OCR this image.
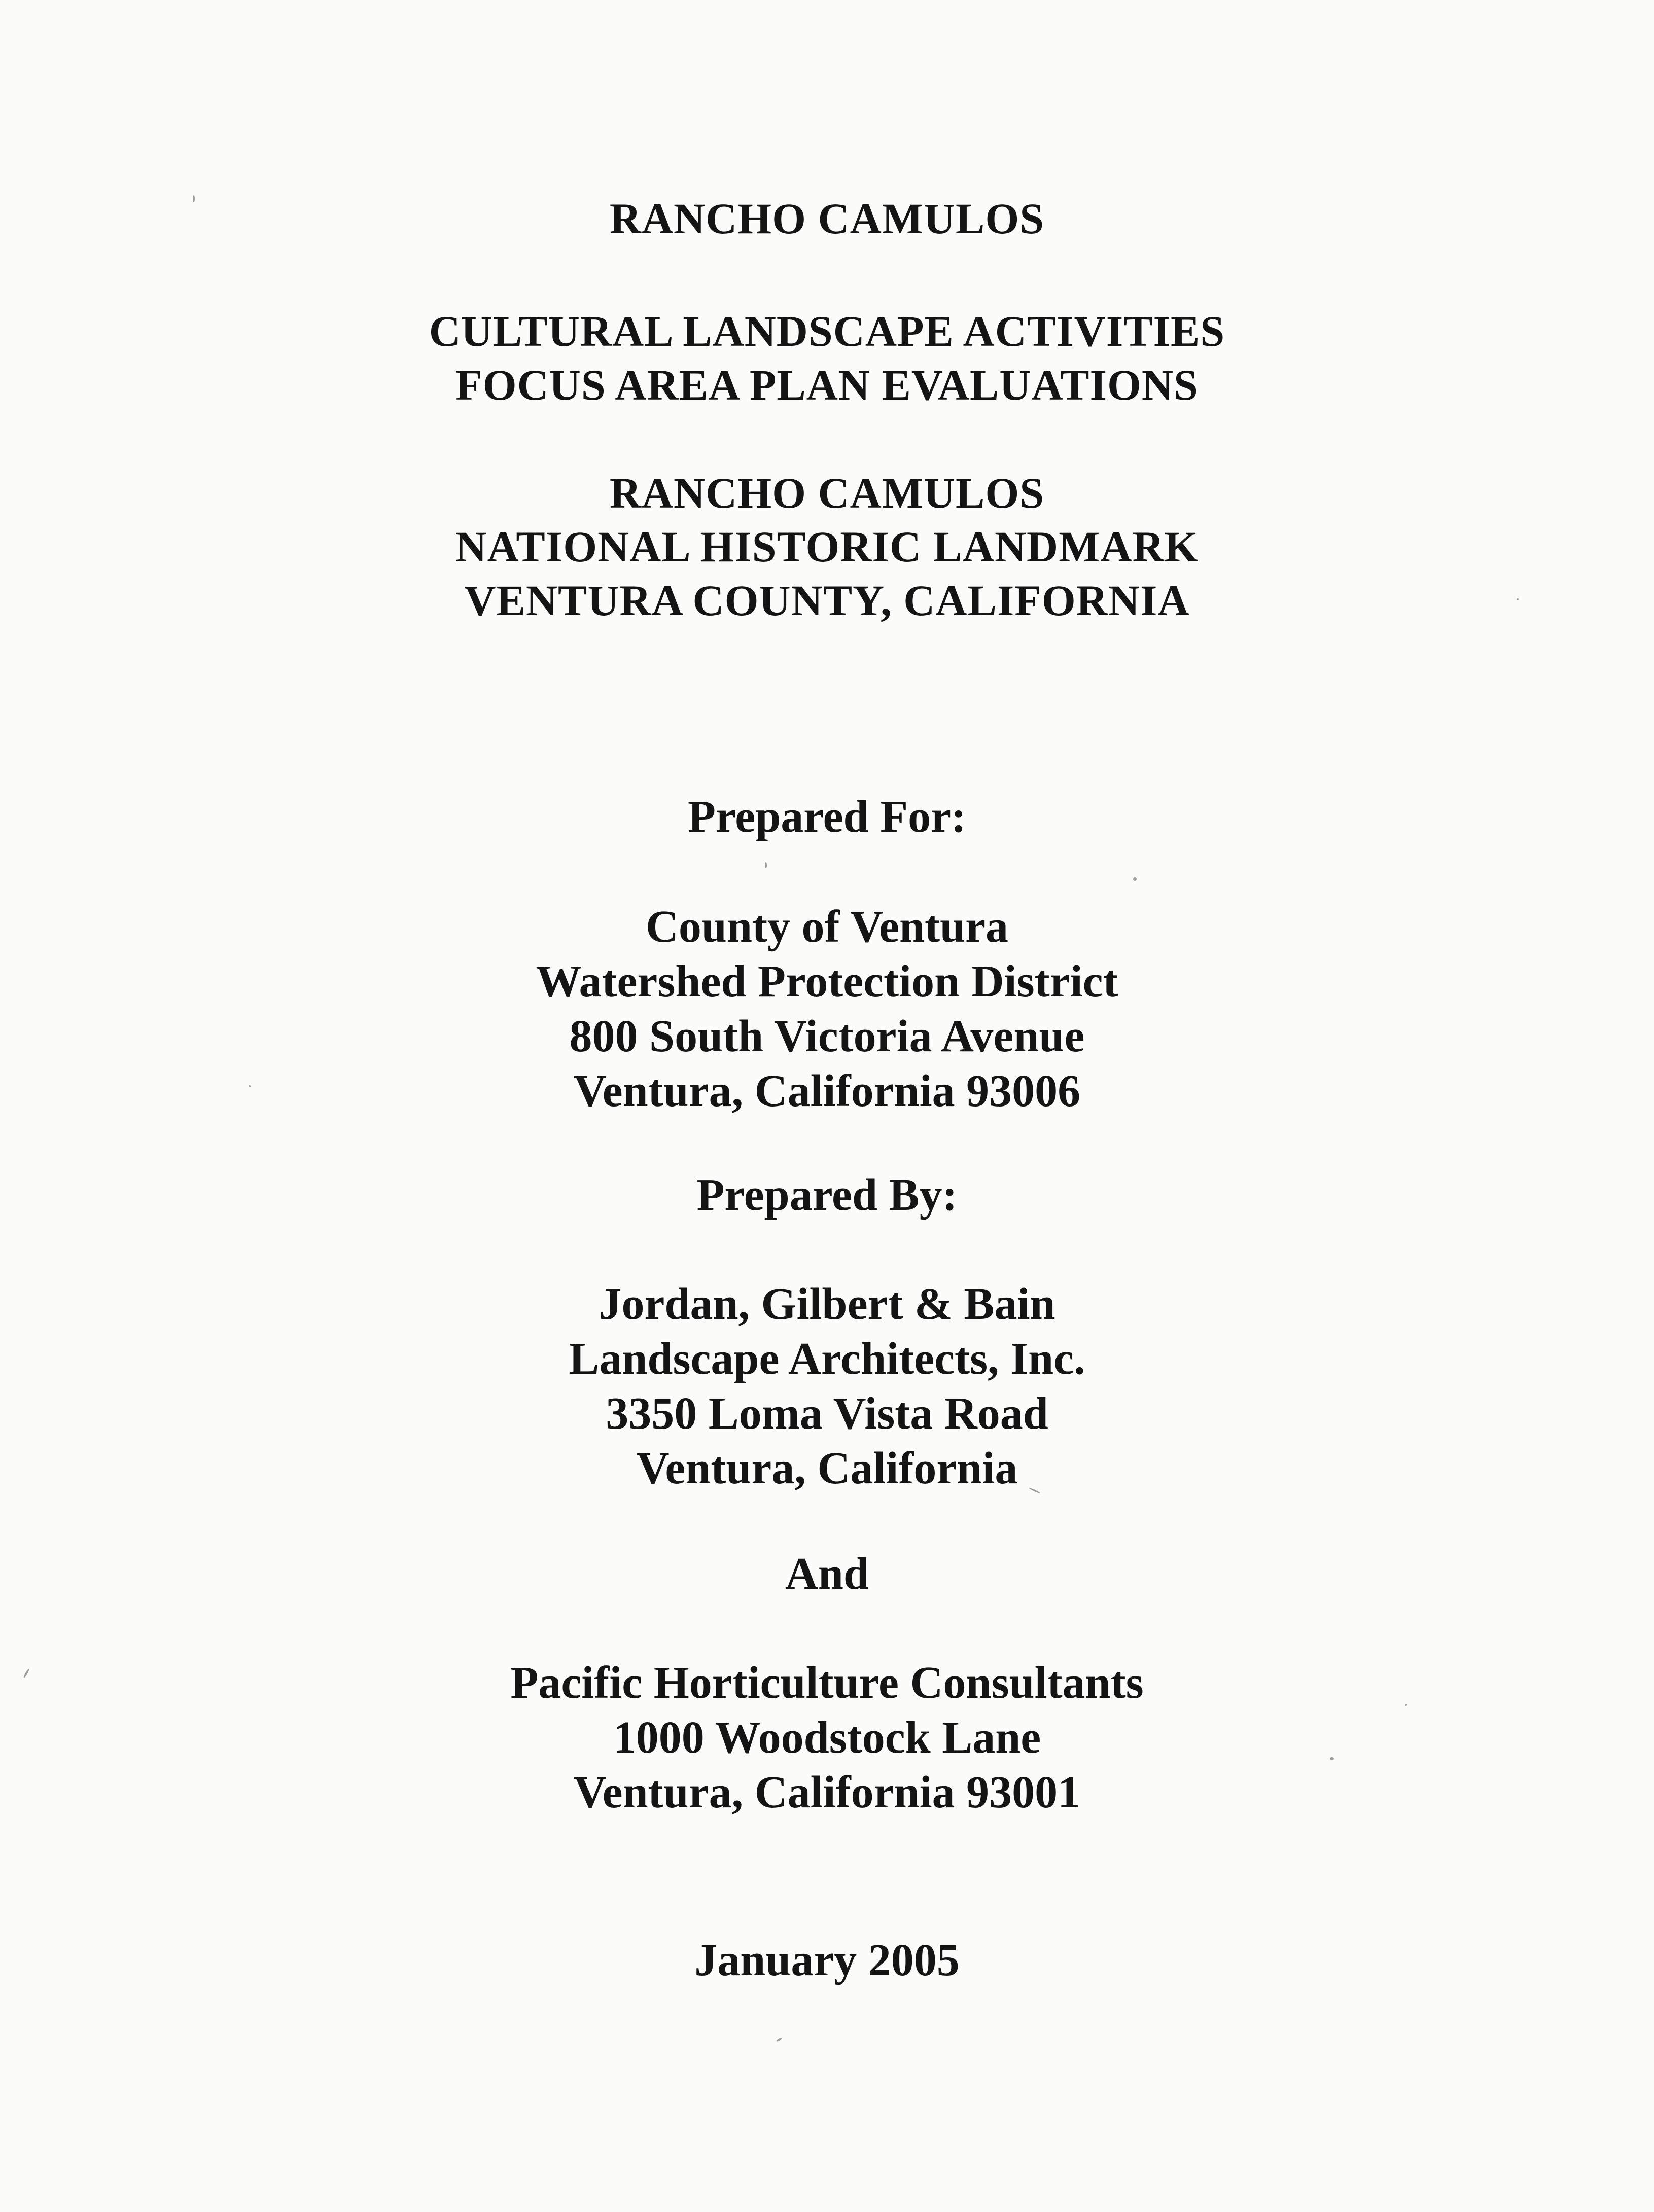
RANCHO CAMULOS
CULTURAL LANDSCAPE ACTIVITIES
FOCUS AREA PLAN EVALUATIONS
RANCHO CAMULOS
NATIONAL HISTORIC LANDMARK
VENTURA COUNTY, CALIFORNIA
Prepared For:
County of Ventura
Watershed Protection District
800 South Victoria Avenue
Ventura, California 93006
Prepared By:
Jordan, Gilbert & Bain
Landscape Architects, Inc.
3350 Loma Vista Road
Ventura, California
And
Pacific Horticulture Consultants
1000 Woodstock Lane
Ventura, California 93001
January 2005
